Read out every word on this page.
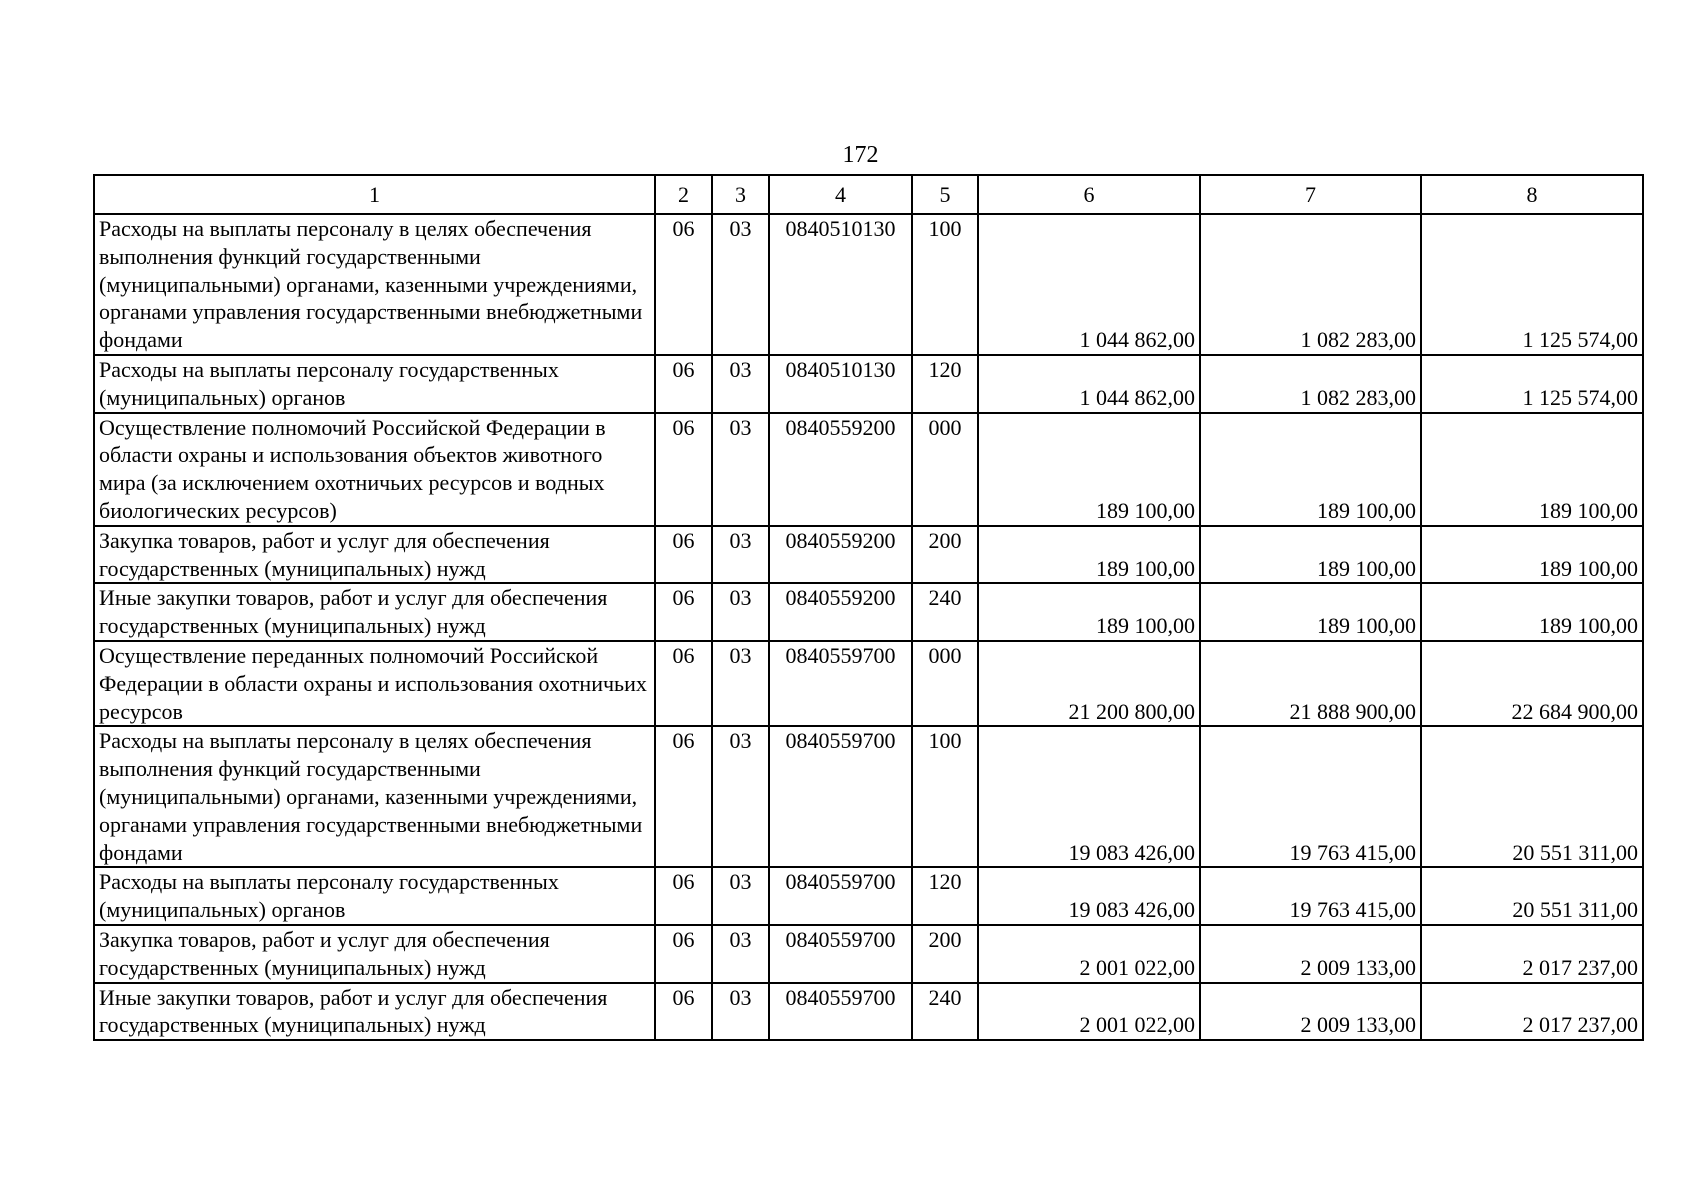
172
1	2	3	4	5	6	7	8
Расходы на выплаты персоналу в целях обеспечения выполнения функций государственными (муниципальными) органами, казенными учреждениями, органами управления государственными внебюджетными фондами	06	03	0840510130	100	1 044 862,00	1 082 283,00	1 125 574,00
Расходы на выплаты персоналу государственных (муниципальных) органов	06	03	0840510130	120	1 044 862,00	1 082 283,00	1 125 574,00
Осуществление полномочий Российской Федерации в области охраны и использования объектов животного мира (за исключением охотничьих ресурсов и водных биологических ресурсов)	06	03	0840559200	000	189 100,00	189 100,00	189 100,00
Закупка товаров, работ и услуг для обеспечения государственных (муниципальных) нужд	06	03	0840559200	200	189 100,00	189 100,00	189 100,00
Иные закупки товаров, работ и услуг для обеспечения государственных (муниципальных) нужд	06	03	0840559200	240	189 100,00	189 100,00	189 100,00
Осуществление переданных полномочий Российской Федерации в области охраны и использования охотничьих ресурсов	06	03	0840559700	000	21 200 800,00	21 888 900,00	22 684 900,00
Расходы на выплаты персоналу в целях обеспечения выполнения функций государственными (муниципальными) органами, казенными учреждениями, органами управления государственными внебюджетными фондами	06	03	0840559700	100	19 083 426,00	19 763 415,00	20 551 311,00
Расходы на выплаты персоналу государственных (муниципальных) органов	06	03	0840559700	120	19 083 426,00	19 763 415,00	20 551 311,00
Закупка товаров, работ и услуг для обеспечения государственных (муниципальных) нужд	06	03	0840559700	200	2 001 022,00	2 009 133,00	2 017 237,00
Иные закупки товаров, работ и услуг для обеспечения государственных (муниципальных) нужд	06	03	0840559700	240	2 001 022,00	2 009 133,00	2 017 237,00
